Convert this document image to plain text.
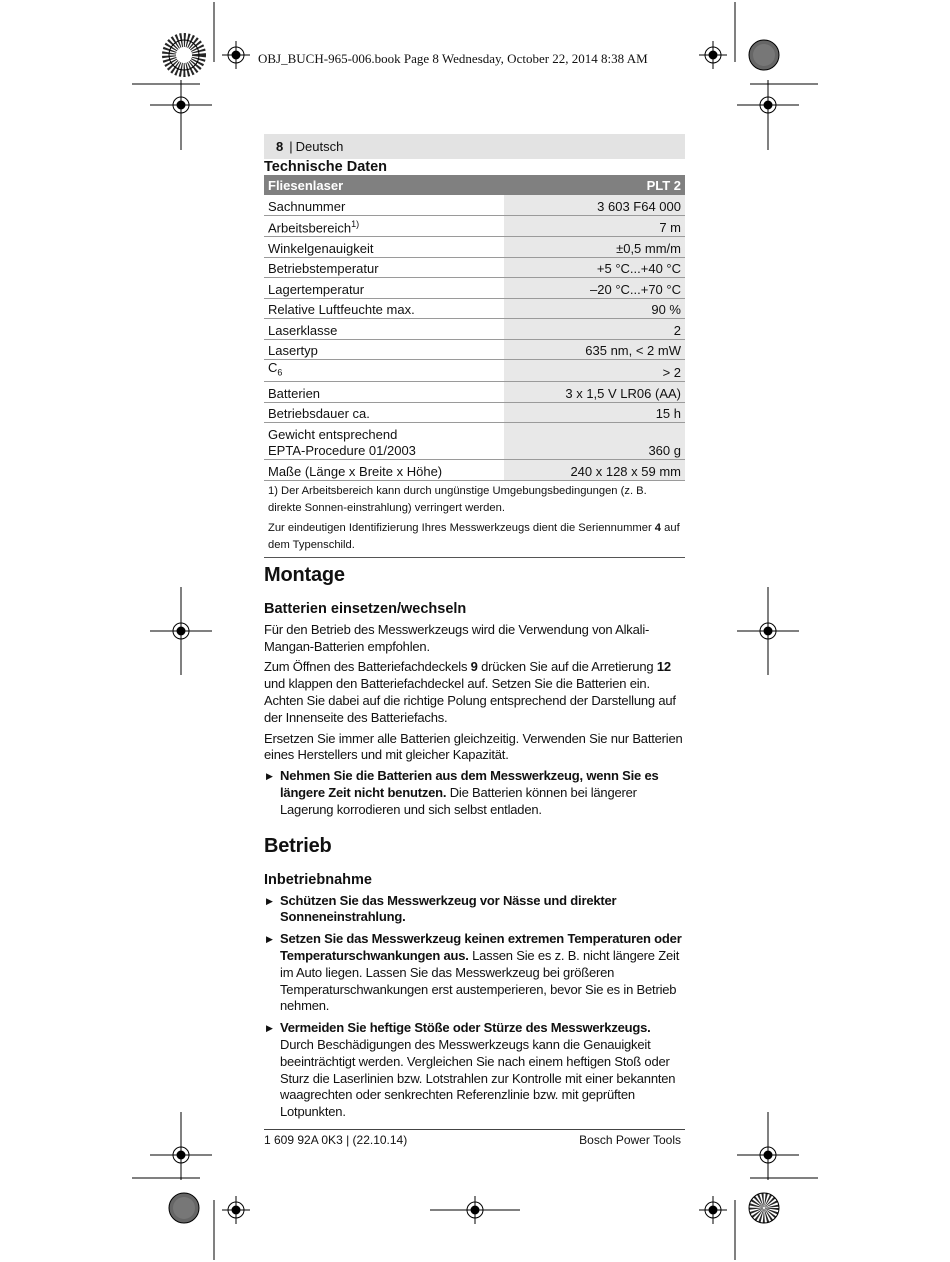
OBJ_BUCH-965-006.book Page 8 Wednesday, October 22, 2014 8:38 AM
8 | Deutsch
Technische Daten
Fliesenlaser	PLT 2
Sachnummer	3 603 F64 000
Arbeitsbereich$^{1)}$	7 m
Winkelgenauigkeit	±0,5 mm/m
Betriebstemperatur	+5 °C...+40 °C
Lagertemperatur	–20 °C...+70 °C
Relative Luftfeuchte max.	90 %
Laserklasse	2
Lasertyp	635 nm, < 2 mW
$C_6$	> 2
Batterien	3 x 1,5 V LR06 (AA)
Betriebsdauer ca.	15 h
Gewicht entsprechend
EPTA-Procedure 01/2003	360 g
Maße (Länge x Breite x Höhe)	240 x 128 x 59 mm

1) Der Arbeitsbereich kann durch ungünstige Umgebungsbedingungen (z. B. direkte Sonnen-einstrahlung) verringert werden.

Zur eindeutigen Identifizierung Ihres Messwerkzeugs dient die Seriennummer 4 auf dem Typenschild.

Montage
Batterien einsetzen/wechseln

Für den Betrieb des Messwerkzeugs wird die Verwendung von Alkali-Mangan-Batterien empfohlen.

Zum Öffnen des Batteriefachdeckels 9 drücken Sie auf die Arretierung 12 und klappen den Batteriefachdeckel auf. Setzen Sie die Batterien ein. Achten Sie dabei auf die richtige Polung entsprechend der Darstellung auf der Innenseite des Batteriefachs.

Ersetzen Sie immer alle Batterien gleichzeitig. Verwenden Sie nur Batterien eines Herstellers und mit gleicher Kapazität.

▶ Nehmen Sie die Batterien aus dem Messwerkzeug, wenn Sie es längere Zeit nicht benutzen. Die Batterien können bei längerer Lagerung korrodieren und sich selbst entladen.
Betrieb
Inbetriebnahme
▶ Schützen Sie das Messwerkzeug vor Nässe und direkter Sonneneinstrahlung.
▶ Setzen Sie das Messwerkzeug keinen extremen Temperaturen oder Temperaturschwankungen aus. Lassen Sie es z. B. nicht längere Zeit im Auto liegen. Lassen Sie das Messwerkzeug bei größeren Temperaturschwankungen erst austemperieren, bevor Sie es in Betrieb nehmen.
▶ Vermeiden Sie heftige Stöße oder Stürze des Messwerkzeugs. Durch Beschädigungen des Messwerkzeugs kann die Genauigkeit beeinträchtigt werden. Vergleichen Sie nach einem heftigen Stoß oder Sturz die Laserlinien bzw. Lotstrahlen zur Kontrolle mit einer bekannten waagrechten oder senkrechten Referenzlinie bzw. mit geprüften Lotpunkten.
1 609 92A 0K3 | (22.10.14)	Bosch Power Tools
